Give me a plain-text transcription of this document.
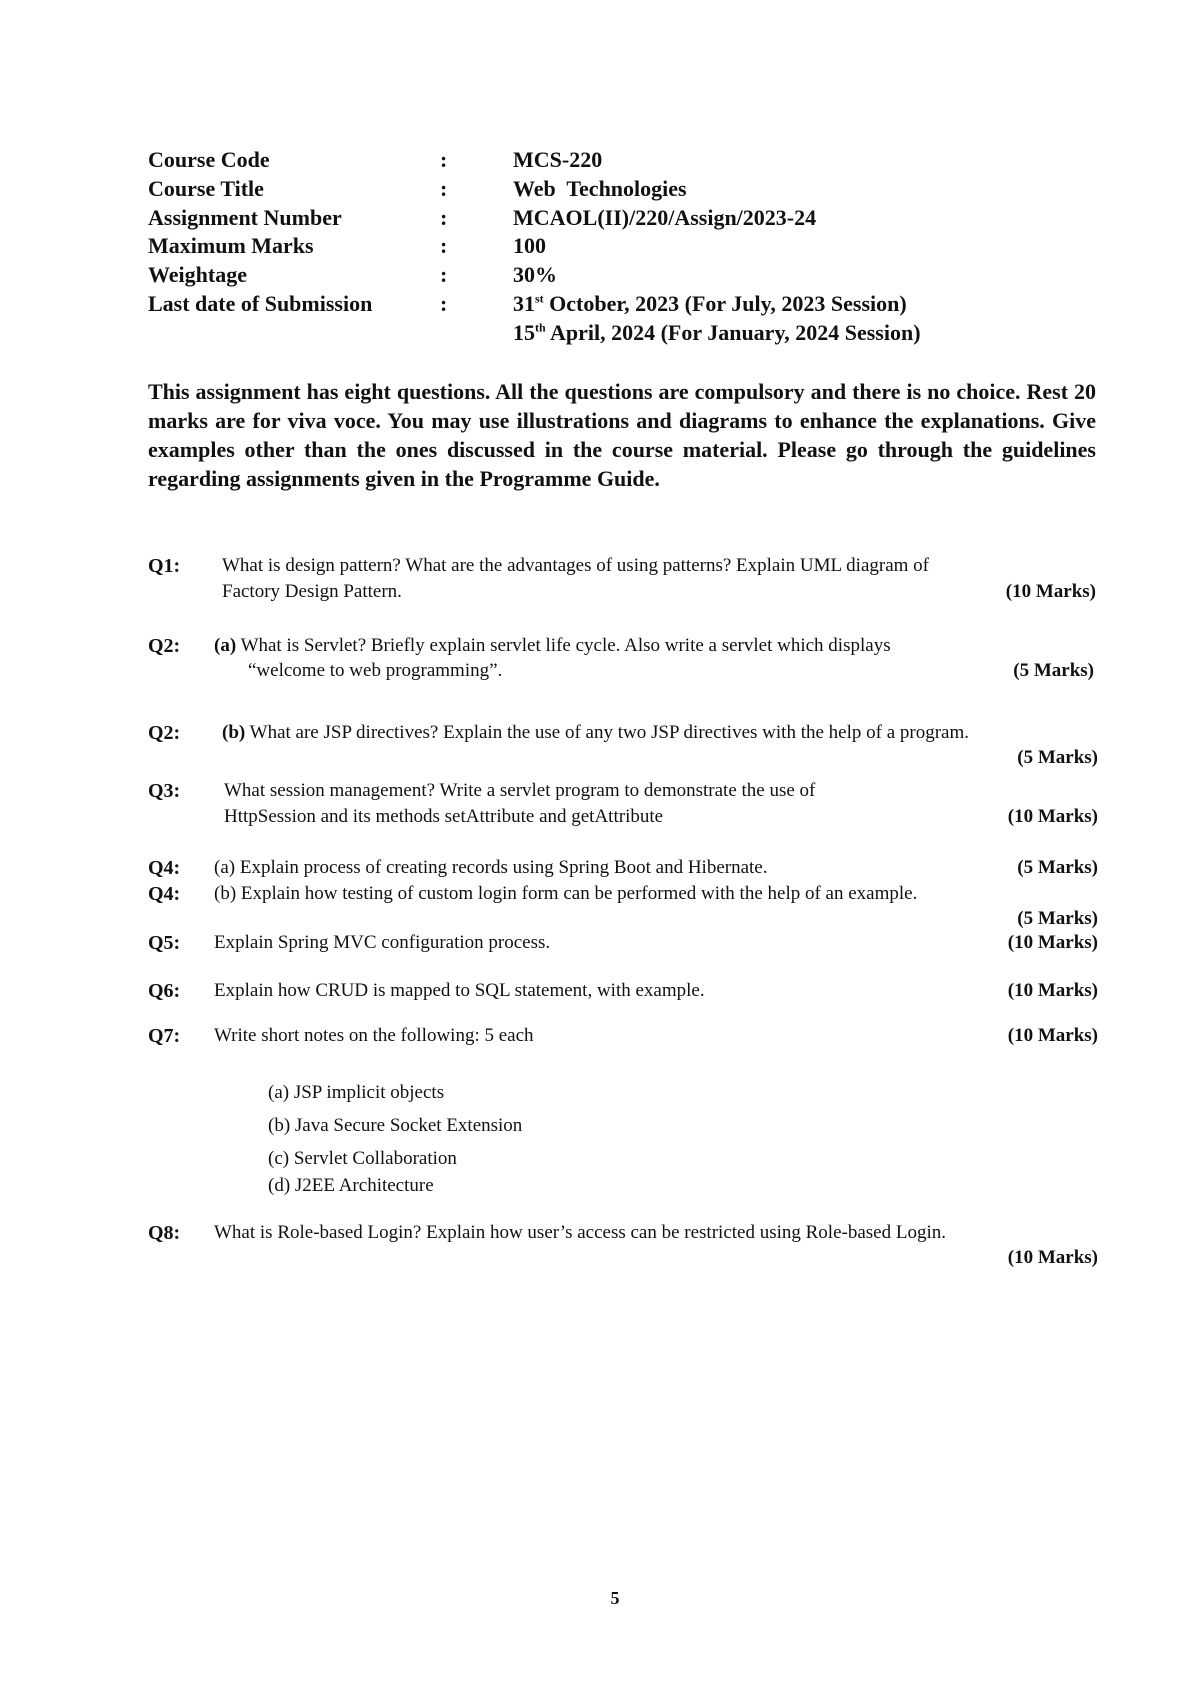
Course Code	:	MCS-220
Course Title	:	Web  Technologies
Assignment Number	:	MCAOL(II)/220/Assign/2023-24
Maximum Marks	:	100
Weightage	:	30%
Last date of Submission	:	31st October, 2023 (For July, 2023 Session)
15th April, 2024 (For January, 2024 Session)
This assignment has eight questions. All the questions are compulsory and there is no choice. Rest 20 marks are for viva voce. You may use illustrations and diagrams to enhance the explanations. Give examples other than the ones discussed in the course material. Please go through the guidelines regarding assignments given in the Programme Guide.
Q1: What is design pattern? What are the advantages of using patterns? Explain UML diagram of
Factory Design Pattern.	(10 Marks)
Q2: (a) What is Servlet? Briefly explain servlet life cycle. Also write a servlet which displays
“welcome to web programming”.	(5 Marks)
Q2: (b) What are JSP directives? Explain the use of any two JSP directives with the help of a program.
(5 Marks)
Q3: What session management? Write a servlet program to demonstrate the use of
HttpSession and its methods setAttribute and getAttribute	(10 Marks)
Q4: (a) Explain process of creating records using Spring Boot and Hibernate.	(5 Marks)
Q4: (b) Explain how testing of custom login form can be performed with the help of an example.
(5 Marks)
Q5: Explain Spring MVC configuration process.	(10 Marks)
Q6: Explain how CRUD is mapped to SQL statement, with example.	(10 Marks)
Q7: Write short notes on the following: 5 each	(10 Marks)
(a) JSP implicit objects
(b) Java Secure Socket Extension
(c) Servlet Collaboration
(d) J2EE Architecture
Q8: What is Role-based Login? Explain how user’s access can be restricted using Role-based Login.
(10 Marks)
5
